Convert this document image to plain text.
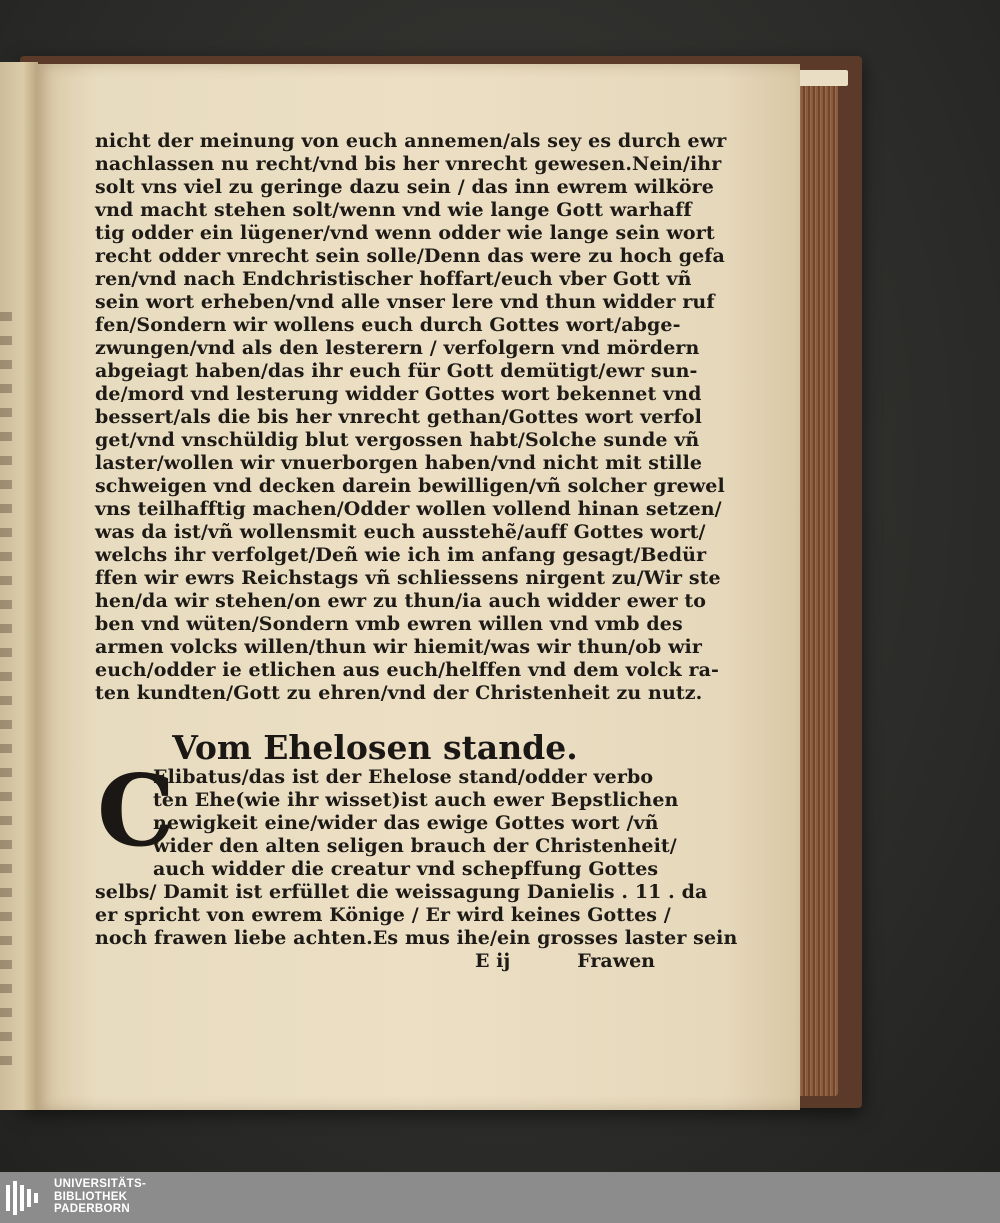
nicht der meinung von euch annemen/als sey es durch ewr
nachlassen nu recht/vnd bis her vnrecht gewesen.Nein/ihr
solt vns viel zu geringe dazu sein / das inn ewrem wilköre
vnd macht stehen solt/wenn vnd wie lange Gott warhaff
tig odder ein lügener/vnd wenn odder wie lange sein wort
recht odder vnrecht sein solle/Denn das were zu hoch gefa
ren/vnd nach Endchristischer hoffart/euch vber Gott vñ
sein wort erheben/vnd alle vnser lere vnd thun widder ruf
fen/Sondern wir wollens euch durch Gottes wort/abge-
zwungen/vnd als den lesterern / verfolgern vnd mördern
abgeiagt haben/das ihr euch für Gott demütigt/ewr sun-
de/mord vnd lesterung widder Gottes wort bekennet vnd
bessert/als die bis her vnrecht gethan/Gottes wort verfol
get/vnd vnschüldig blut vergossen habt/Solche sunde vñ
laster/wollen wir vnuerborgen haben/vnd nicht mit stille
schweigen vnd decken darein bewilligen/vñ solcher grewel
vns teilhafftig machen/Odder wollen vollend hinan setzen/
was da ist/vñ wollensmit euch ausstehẽ/auff Gottes wort/
welchs ihr verfolget/Deñ wie ich im anfang gesagt/Bedür
ffen wir ewrs Reichstags vñ schliessens nirgent zu/Wir ste
hen/da wir stehen/on ewr zu thun/ia auch widder ewer to
ben vnd wüten/Sondern vmb ewren willen vnd vmb des
armen volcks willen/thun wir hiemit/was wir thun/ob wir
euch/odder ie etlichen aus euch/helffen vnd dem volck ra-
ten kundten/Gott zu ehren/vnd der Christenheit zu nutz.
Vom Ehelosen stande.
C
Elibatus/das ist der Ehelose stand/odder verbo
ten Ehe(wie ihr wisset)ist auch ewer Bepstlichen
newigkeit eine/wider das ewige Gottes wort /vñ
wider den alten seligen brauch der Christenheit/
auch widder die creatur vnd schepffung Gottes
selbs/ Damit ist erfüllet die weissagung Danielis . 11 . da
er spricht von ewrem Könige / Er wird keines Gottes /
noch frawen liebe achten.Es mus ihe/ein grosses laster sein
E ij	Frawen
UNIVERSITÄTS-
BIBLIOTHEK
PADERBORN
